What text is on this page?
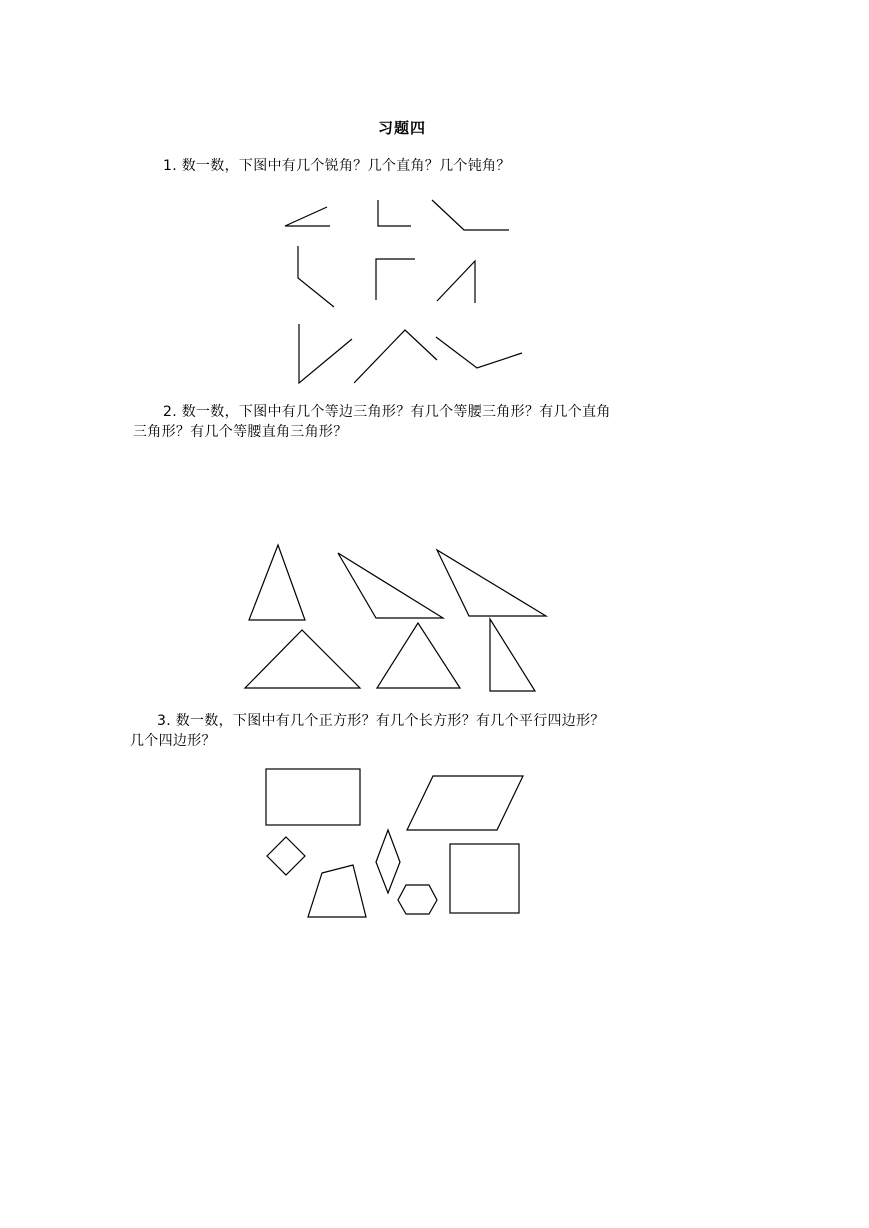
习题四
1. 数一数，下图中有几个锐角？几个直角？几个钝角？
2. 数一数，下图中有几个等边三角形？有几个等腰三角形？有几个直角
三角形？有几个等腰直角三角形？
3. 数一数，下图中有几个正方形？有几个长方形？有几个平行四边形？
几个四边形？
